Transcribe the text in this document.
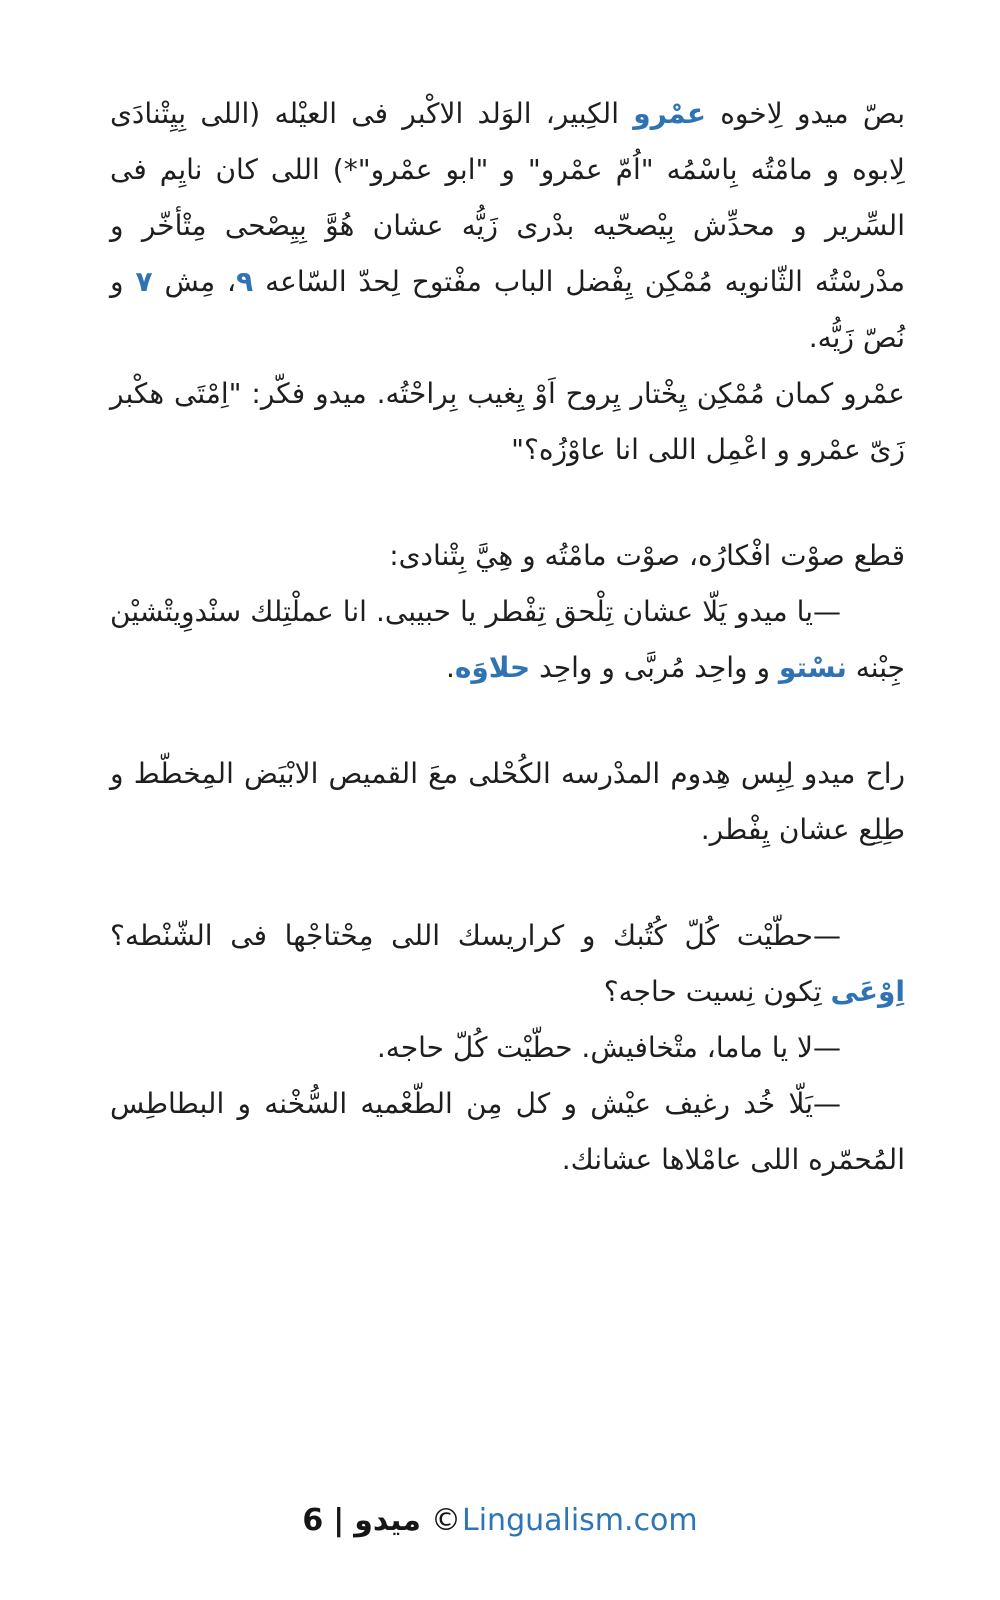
بصّ ميدو لِاخوه عمْرو الكِبير، الوَلد الاكْبر فى العيْله (اللى بِيِتْنادَى لِابوه و مامْتُه بِاسْمُه "اُمّ عمْرو" و "ابو عمْرو"*) اللى كان نايِم فى السِّرير و محدِّش بِيْصحّيه بدْرى زَيُّه عشان هُوَّ بِيِصْحى مِتْأخّر و مدْرسْتُه الثّانويه مُمْكِن يِفْضل الباب مفْتوح لِحدّ السّاعه ٩، مِش ٧ و نُصّ زَيُّه.

عمْرو كمان مُمْكِن يِخْتار يِروح اَوْ يِغيب بِراحْتُه. ميدو فكّر: "اِمْتَى هكْبر زَىّ عمْرو و اعْمِل اللى انا عاوْزُه؟"

قطع صوْت افْكارُه، صوْت مامْتُه و هِيَّ بِتْنادى:

—يا ميدو يَلّا عشان تِلْحق تِفْطر يا حبيبى. انا عملْتِلك سنْدوِيتْشيْن جِبْنه نسْتو و واحِد مُربَّى و واحِد حلاوَه.

راح ميدو لِبِس هِدوم المدْرسه الكُحْلى معَ القميص الابْيَض المِخطّط و طِلِع عشان يِفْطر.

—حطّيْت كُلّ كُتُبك و كراريسك اللى مِحْتاجْها فى الشّنْطه؟ اِوْعَى تِكون نِسيت حاجه؟

—لا يا ماما، متْخافيش. حطّيْت كُلّ حاجه.

—يَلّا خُد رغيف عيْش و كل مِن الطّعْميه السُّخْنه و البطاطِس المُحمّره اللى عامْلاها عشانك.

6 | ميدو © Lingualism.com
